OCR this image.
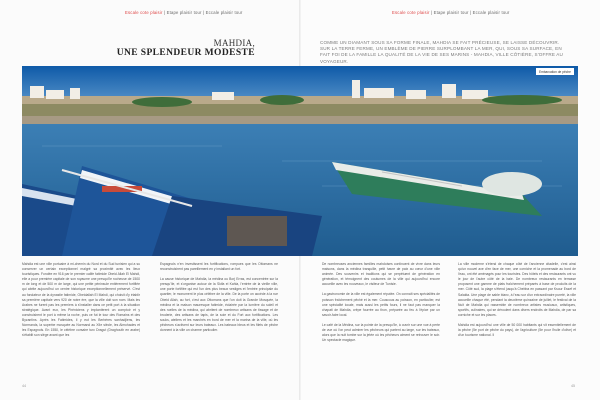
Escale cote plaisir | Etape plaisir tour | Eccale plaisir tour	Escale cote plaisir | Etape plaisir tour | Eccale plaisir tour
MAHDIA,
UNE SPLENDEUR MODESTE
COMME UN DIAMANT SOUS SA FORME FINALE, MAHDIA SE FAIT PRÉCIEUSE, SE LAISSE DÉCOUVRIR. SUR LA TERRE FERME, UN EMBLÈME DE PIERRE SURPLOMBANT LA MER, QUI, SOUS SA SURFACE, EN FAIT FOI DE LA FAMILLE LA QUALITÉ DE LA VIE DE SES MARINS - MAHDIA, VILLE CÔTIÈRE, S'OFFRE AU VOYAGEUR.
Embarcation de pêche

Mahdia est une ville portuaire à mi-chemin du Nord et du Sud tunisien qui a su conserver un certain exceptionnel malgré sa proximité avec les lieux touristiques. Fondée en 916 par le premier calife fatimide Obeid Allah El Mahdi, elle a pour première capitale de son royaume une presqu'île rocheuse de 1500 m de long et de 500 m de large, qui une petite péninsule entièrement fortifiée qui abrite aujourd'hui un centre historique exceptionnellement préservé. C'est au fondateur de la dynastie fatimide, Obeidallah El Mahdi, qui choisit d'y établir sa première capitale vers 920 de notre ère, que la ville doit son nom. Mais les Arabes ne furent pas les premiers à s'installer dans ce petit port à la situation stratégique. Avant eux, les Phéniciens y implantèrent un comptoir et y construisirent le port à même la roche, puis ce fut le tour des Romains et des Byzantins. Après les Fatimides, il y eut les Berbères sanhadjiens, les Normands, la superbe mosquée au Normand au XIIe siècle, les Almohades et les Espagnols. En 1550, le célèbre corsaire turc Dragut (Draghouth en arabe) s'établit son siège avant que les

Espagnols n'en investissent les fortifications, rompues que les Ottomans ne reconstruisirent pas pareillement en y installant un fort.

La cause historique de Mahdia, la médina ou Borj Erras, est concentrée sur la presqu'île, et s'organise autour de la Skifa el Kahla, l'entrée de la vieille ville, une porte fortifiée qui est l'un des plus beaux vestiges et l'entrée principale du quartier, le monument le plus célèbre de la ville. De la porte on accède à la rue Obeid Allah, au fort, c'est aux Ottomans que l'on doit la Grande Mosquée, la médina et la maison mauresque fatimide, éclairée par la lumière du soleil et des ruelles de la médina, qui abritent de nombreux artisans de tissage et de broderie, des artisans de tapis, de la soie et du Fort aux fortifications. Les souks, ateliers et les marchés en bord de mer et la marina de la ville, où les pêcheurs s'activent sur leurs bateaux. Les bateaux bleus et les filets de pêche donnent à la ville un charme particulier.

De nombreuses anciennes familles mahdoises continuent de vivre dans leurs maisons, dans la médina tranquille, petit havre de paix au cœur d'une ville animée. Des souvenirs et traditions qui se perpétuent de génération en génération, et témoignent des coutumes de la ville qui aujourd'hui encore accueille avec les nouveaux, le visiteur de Tunisie.

La gastronomie de la ville est également réputée. On connaît ses spécialités de poisson fraîchement pêché et la mer. Couscous au poisson, en particulier, est une spécialité locale, mais aussi les petits fours, il ne faut pas manquer la chapati de Mahdia, crêpe fourrée au thon, préparée au feu à l'épice par un savoir-faire local.

Le café de la Médina, sur la pointe de la presqu'île, à ouvrir sur une vue à perte de vue où l'on peut admirer les pêcheurs qui partent au large, sur les bateaux, alors que la nuit tombe sur la jetée où les pêcheurs aiment se retrouver le soir. Un spectacle magique.

La ville moderne s'étend de chaque côté de l'ancienne citadelle, c'est ainsi qu'un nouvel axe d'en face de mer, une corniche et la promenade au bord de l'eau, ont été aménagés pour les touristes. Des hôtels et des restaurants ont vu le jour de l'autre côté de la baie. De nombreux restaurants en terrasse proposent une gamme de plats fraîchement préparés à base de produits de la mer. Côté sud, la plage s'étend jusqu'à Chebba en passant par Ksour Essef et Salakta. Une plage de sable blanc, à l'eau sur d'un extraordinaire pureté, la ville accueille chaque été, pendant la deuxième quinzaine de juillet, le festival de la Nuit de Mahdia qui rassemble de nombreux artistes musicaux, artistiques, sportifs, culinaires, qui se déroulent dans divers endroits de Mahdia, de par sa corniche et sur les places.

Mahdia est aujourd'hui une ville de 50 000 habitants qui vit essentiellement de la pêche (5e port de pêche du pays), de l'agriculture (5e pour l'huile d'olive) et d'un tourisme national. Il

44	45
